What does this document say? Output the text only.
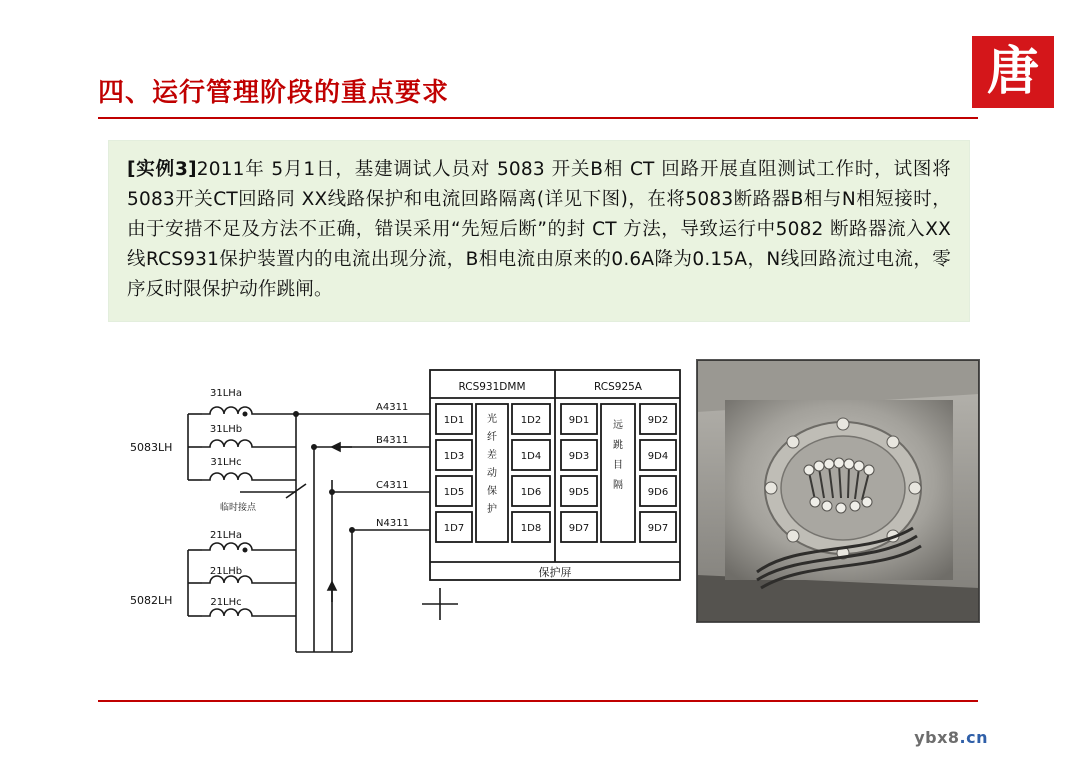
唐
四、运行管理阶段的重点要求

[实例3]2011年 5月1日，基建调试人员对 5083 开关B相 CT 回路开展直阻测试工作时，试图将5083开关CT回路同 XX线路保护和电流回路隔离(详见下图)，在将5083断路器B相与N相短接时，由于安措不足及方法不正确，错误采用“先短后断”的封 CT 方法，导致运行中5082 断路器流入XX线RCS931保护装置内的电流出现分流，B相电流由原来的0.6A降为0.15A，N线回路流过电流，零序反时限保护动作跳闸。

31LHa
31LHb
31LHc
21LHa
21LHb
21LHc
5083LH
5082LH
临时接点
A4311
B4311
C4311
N4311
RCS931DMM	RCS925A
1D1	1D2
1D3	1D4
1D5	1D6
1D7	1D8
9D1	9D2
9D3	9D4
9D5	9D6
9D7	9D7
保护屏
光
纤
差
动
保
护
远
跳
目
隔
ybx8.cn
